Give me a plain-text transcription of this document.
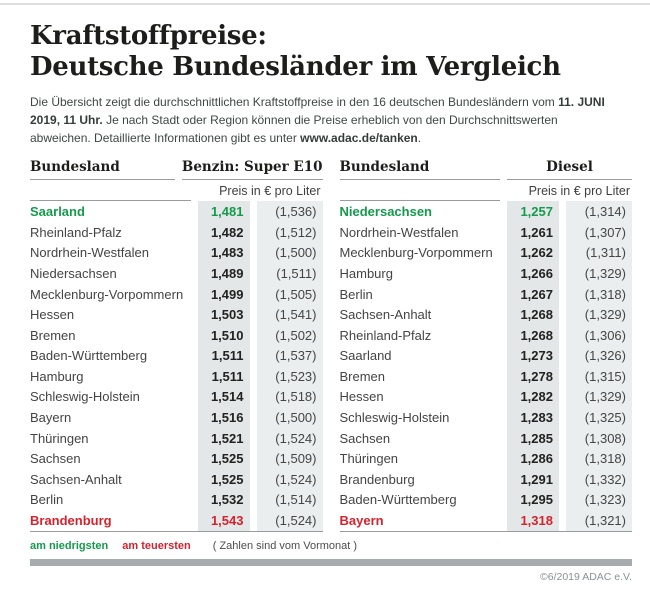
Kraftstoffpreise:
Deutsche Bundesländer im Vergleich

Die Übersicht zeigt die durchschnittlichen Kraftstoffpreise in den 16 deutschen Bundesländern vom 11. JUNI 2019, 11 Uhr. Je nach Stadt oder Region können die Preise erheblich von den Durchschnittswerten abweichen. Detaillierte Informationen gibt es unter www.adac.de/tanken.

Bundesland	Benzin: Super E10
Preis in € pro Liter
Saarland	1,481	(1,536)
Rheinland-Pfalz	1,482	(1,512)
Nordrhein-Westfalen	1,483	(1,500)
Niedersachsen	1,489	(1,511)
Mecklenburg-Vorpommern	1,499	(1,505)
Hessen	1,503	(1,541)
Bremen	1,510	(1,502)
Baden-Württemberg	1,511	(1,537)
Hamburg	1,511	(1,523)
Schleswig-Holstein	1,514	(1,518)
Bayern	1,516	(1,500)
Thüringen	1,521	(1,524)
Sachsen	1,525	(1,509)
Sachsen-Anhalt	1,525	(1,524)
Berlin	1,532	(1,514)
Brandenburg	1,543	(1,524)
Bundesland	Diesel
Preis in € pro Liter
Niedersachsen	1,257	(1,314)
Nordrhein-Westfalen	1,261	(1,307)
Mecklenburg-Vorpommern	1,262	(1,311)
Hamburg	1,266	(1,329)
Berlin	1,267	(1,318)
Sachsen-Anhalt	1,268	(1,329)
Rheinland-Pfalz	1,268	(1,306)
Saarland	1,273	(1,326)
Bremen	1,278	(1,315)
Hessen	1,282	(1,329)
Schleswig-Holstein	1,283	(1,325)
Sachsen	1,285	(1,308)
Thüringen	1,286	(1,318)
Brandenburg	1,291	(1,332)
Baden-Württemberg	1,295	(1,323)
Bayern	1,318	(1,321)
am niedrigsten am teuersten ( Zahlen sind vom Vormonat )
©6/2019 ADAC e.V.
